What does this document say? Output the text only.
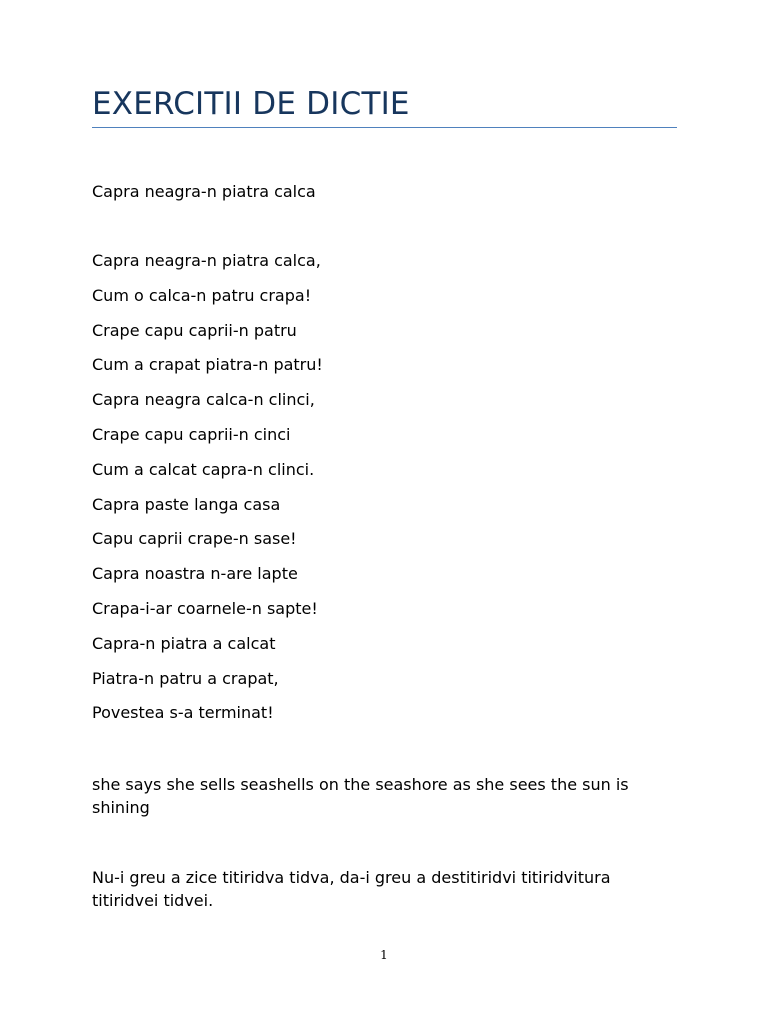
EXERCITII DE DICTIE

Capra neagra-n piatra calca

Capra neagra-n piatra calca,
Cum o calca-n patru crapa!
Crape capu caprii-n patru
Cum a crapat piatra-n patru!
Capra neagra calca-n clinci,
Crape capu caprii-n cinci
Cum a calcat capra-n clinci.
Capra paste langa casa
Capu caprii crape-n sase!
Capra noastra n-are lapte
Crapa-i-ar coarnele-n sapte!
Capra-n piatra a calcat
Piatra-n patru a crapat,
Povestea s-a terminat!

she says she sells seashells on the seashore as she sees the sun is shining

Nu-i greu a zice titiridva tidva, da-i greu a destitiridvi titiridvitura titiridvei tidvei.

1
